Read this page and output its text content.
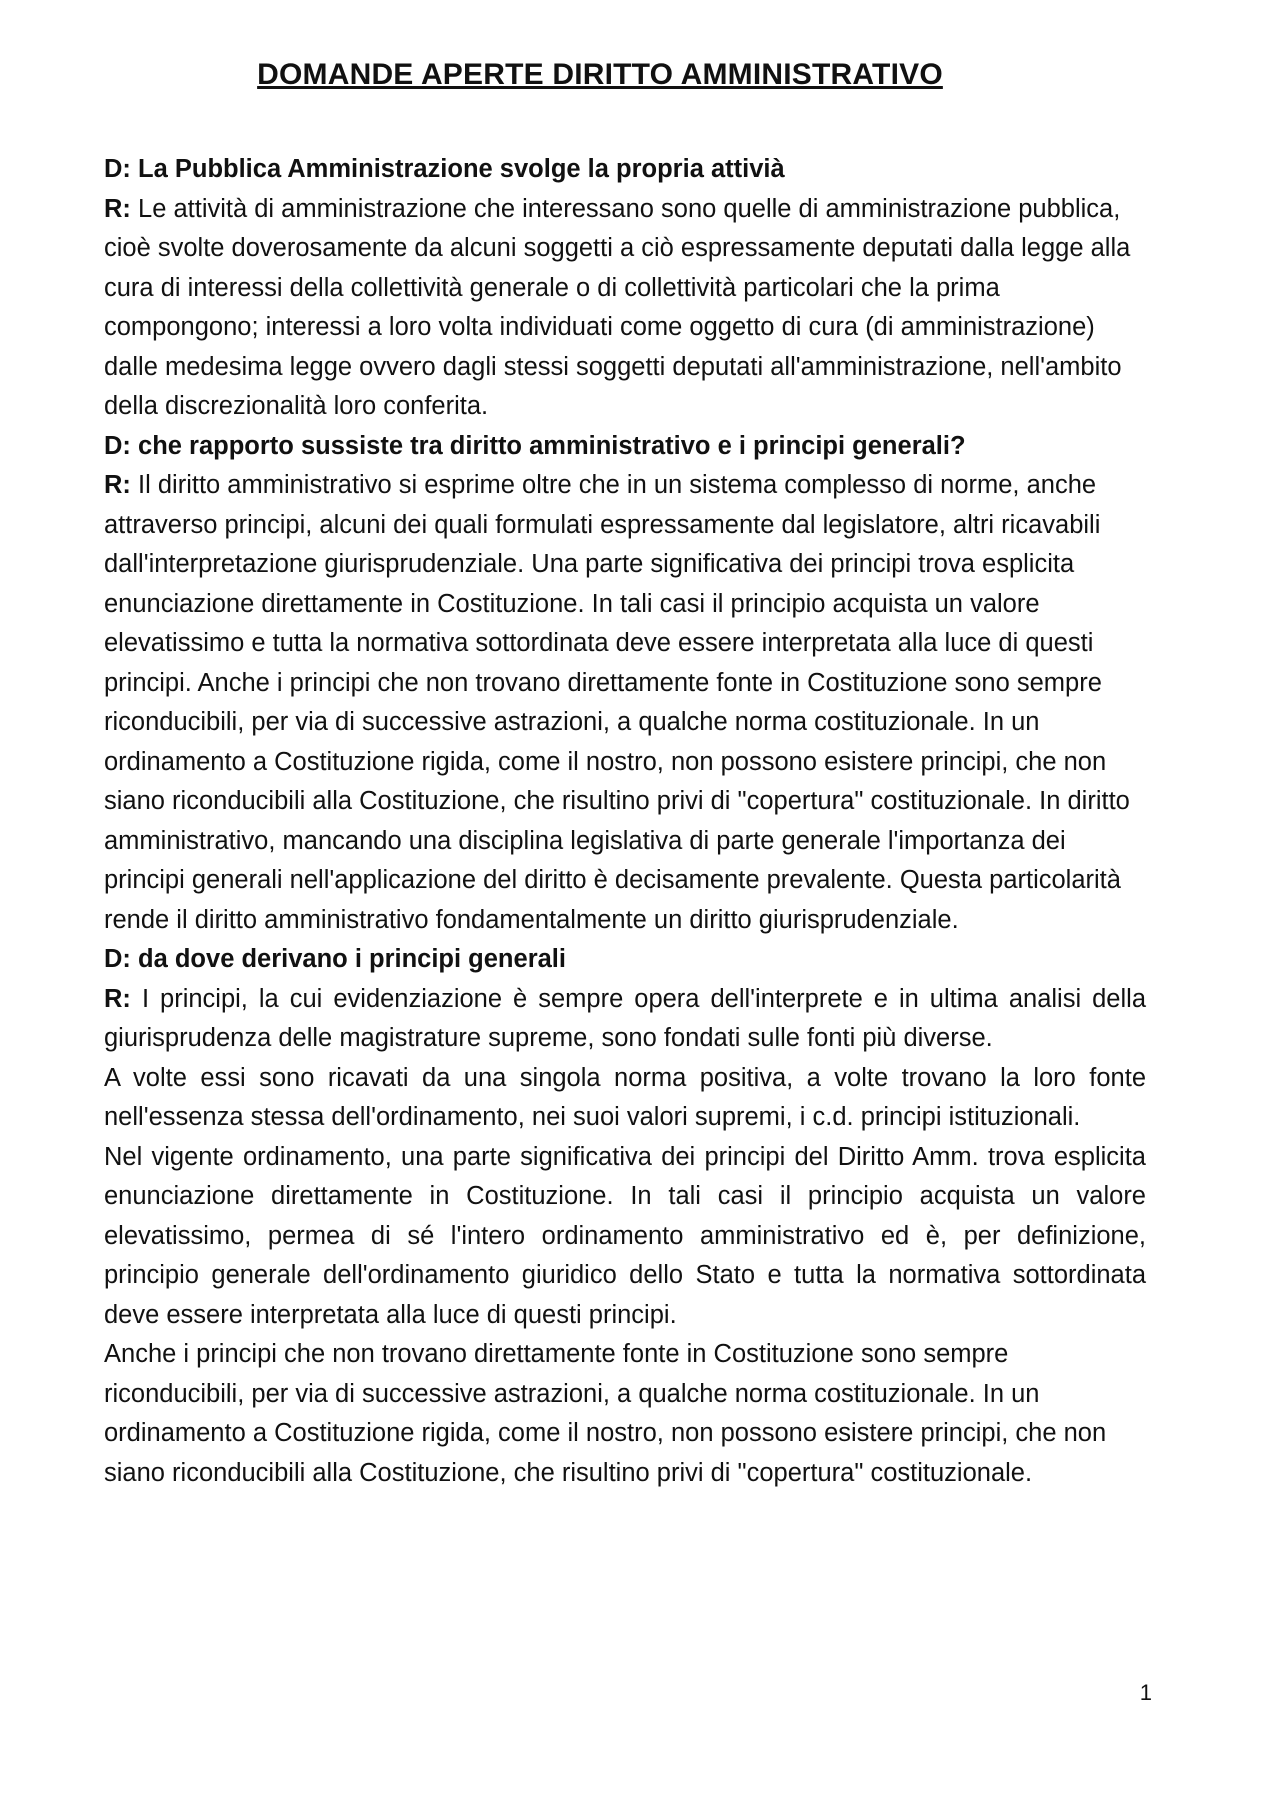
DOMANDE APERTE DIRITTO AMMINISTRATIVO

D: La Pubblica Amministrazione svolge la propria attivià

R: Le attività di amministrazione che interessano sono quelle di amministrazione pubblica, cioè svolte doverosamente da alcuni soggetti a ciò espressamente deputati dalla legge alla cura di interessi della collettività generale o di collettività particolari che la prima compongono; interessi a loro volta individuati come oggetto di cura (di amministrazione) dalle medesima legge ovvero dagli stessi soggetti deputati all'amministrazione, nell'ambito della discrezionalità loro conferita.

D: che rapporto sussiste tra diritto amministrativo e i principi generali?

R: Il diritto amministrativo si esprime oltre che in un sistema complesso di norme, anche attraverso principi, alcuni dei quali formulati espressamente dal legislatore, altri ricavabili dall'interpretazione giurisprudenziale. Una parte significativa dei principi trova esplicita enunciazione direttamente in Costituzione. In tali casi il principio acquista un valore elevatissimo e tutta la normativa sottordinata deve essere interpretata alla luce di questi principi. Anche i principi che non trovano direttamente fonte in Costituzione sono sempre riconducibili, per via di successive astrazioni, a qualche norma costituzionale. In un ordinamento a Costituzione rigida, come il nostro, non possono esistere principi, che non siano riconducibili alla Costituzione, che risultino privi di "copertura" costituzionale. In diritto amministrativo, mancando una disciplina legislativa di parte generale l'importanza dei principi generali nell'applicazione del diritto è decisamente prevalente. Questa particolarità rende il diritto amministrativo fondamentalmente un diritto giurisprudenziale.

D: da dove derivano i principi generali

R: I principi, la cui evidenziazione è sempre opera dell'interprete e in ultima analisi della giurisprudenza delle magistrature supreme, sono fondati sulle fonti più diverse.

A volte essi sono ricavati da una singola norma positiva, a volte trovano la loro fonte nell'essenza stessa dell'ordinamento, nei suoi valori supremi, i c.d. principi istituzionali.

Nel vigente ordinamento, una parte significativa dei principi del Diritto Amm. trova esplicita enunciazione direttamente in Costituzione. In tali casi il principio acquista un valore elevatissimo, permea di sé l'intero ordinamento amministrativo ed è, per definizione, principio generale dell'ordinamento giuridico dello Stato e tutta la normativa sottordinata deve essere interpretata alla luce di questi principi.

Anche i principi che non trovano direttamente fonte in Costituzione sono sempre riconducibili, per via di successive astrazioni, a qualche norma costituzionale. In un ordinamento a Costituzione rigida, come il nostro, non possono esistere principi, che non siano riconducibili alla Costituzione, che risultino privi di "copertura" costituzionale.

1
